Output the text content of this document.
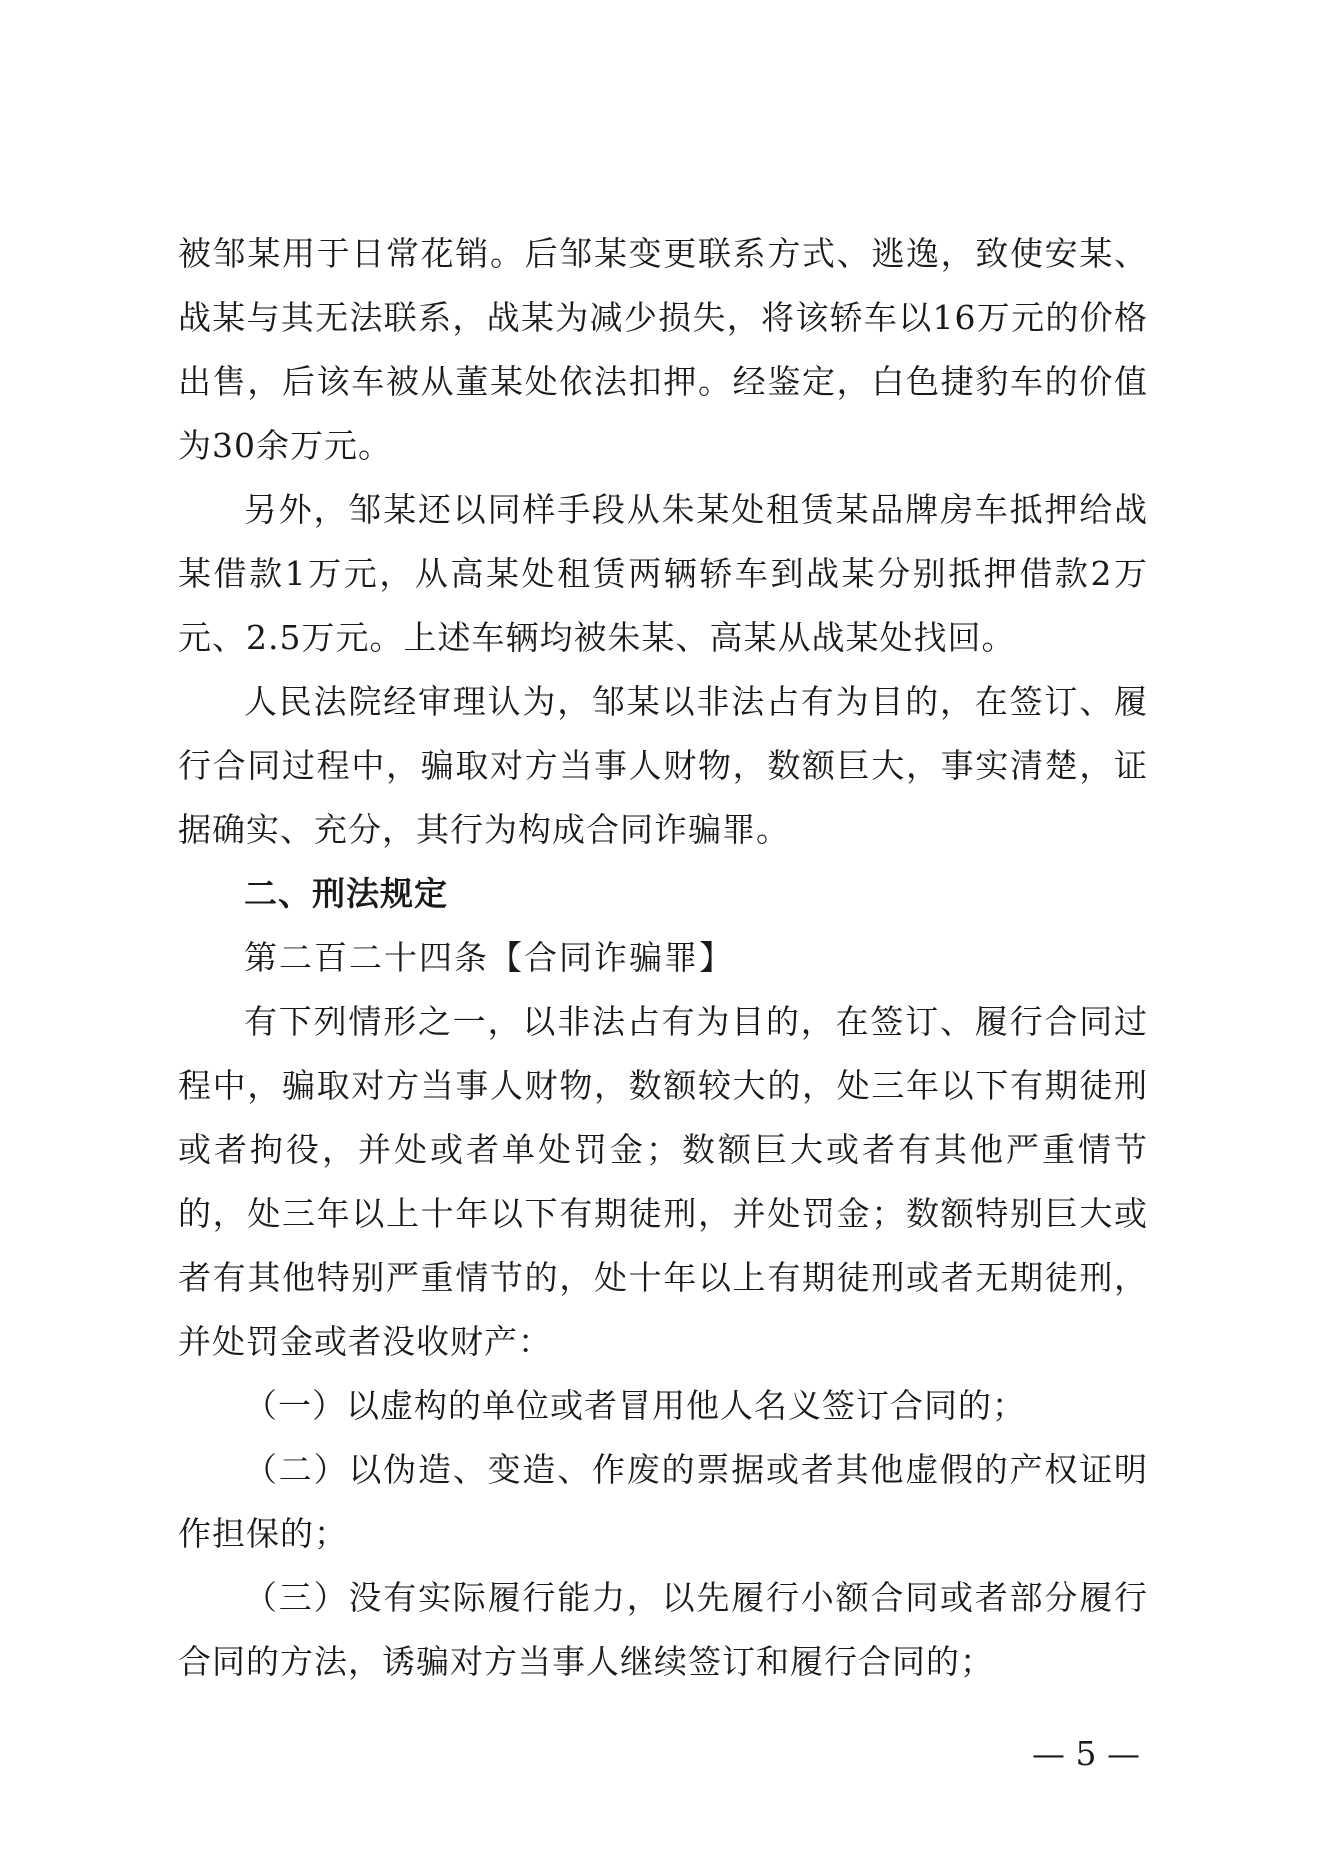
被邹某用于日常花销。后邹某变更联系方式、逃逸，致使安某、战某与其无法联系，战某为减少损失，将该轿车以16万元的价格出售，后该车被从董某处依法扣押。经鉴定，白色捷豹车的价值为30余万元。

另外，邹某还以同样手段从朱某处租赁某品牌房车抵押给战某借款1万元，从高某处租赁两辆轿车到战某分别抵押借款2万元、2.5万元。上述车辆均被朱某、高某从战某处找回。

人民法院经审理认为，邹某以非法占有为目的，在签订、履行合同过程中，骗取对方当事人财物，数额巨大，事实清楚，证据确实、充分，其行为构成合同诈骗罪。

二、刑法规定

第二百二十四条【合同诈骗罪】

有下列情形之一，以非法占有为目的，在签订、履行合同过程中，骗取对方当事人财物，数额较大的，处三年以下有期徒刑或者拘役，并处或者单处罚金；数额巨大或者有其他严重情节的，处三年以上十年以下有期徒刑，并处罚金；数额特别巨大或者有其他特别严重情节的，处十年以上有期徒刑或者无期徒刑，并处罚金或者没收财产：

（一）以虚构的单位或者冒用他人名义签订合同的；

（二）以伪造、变造、作废的票据或者其他虚假的产权证明作担保的；

（三）没有实际履行能力，以先履行小额合同或者部分履行合同的方法，诱骗对方当事人继续签订和履行合同的；

— 5 —
